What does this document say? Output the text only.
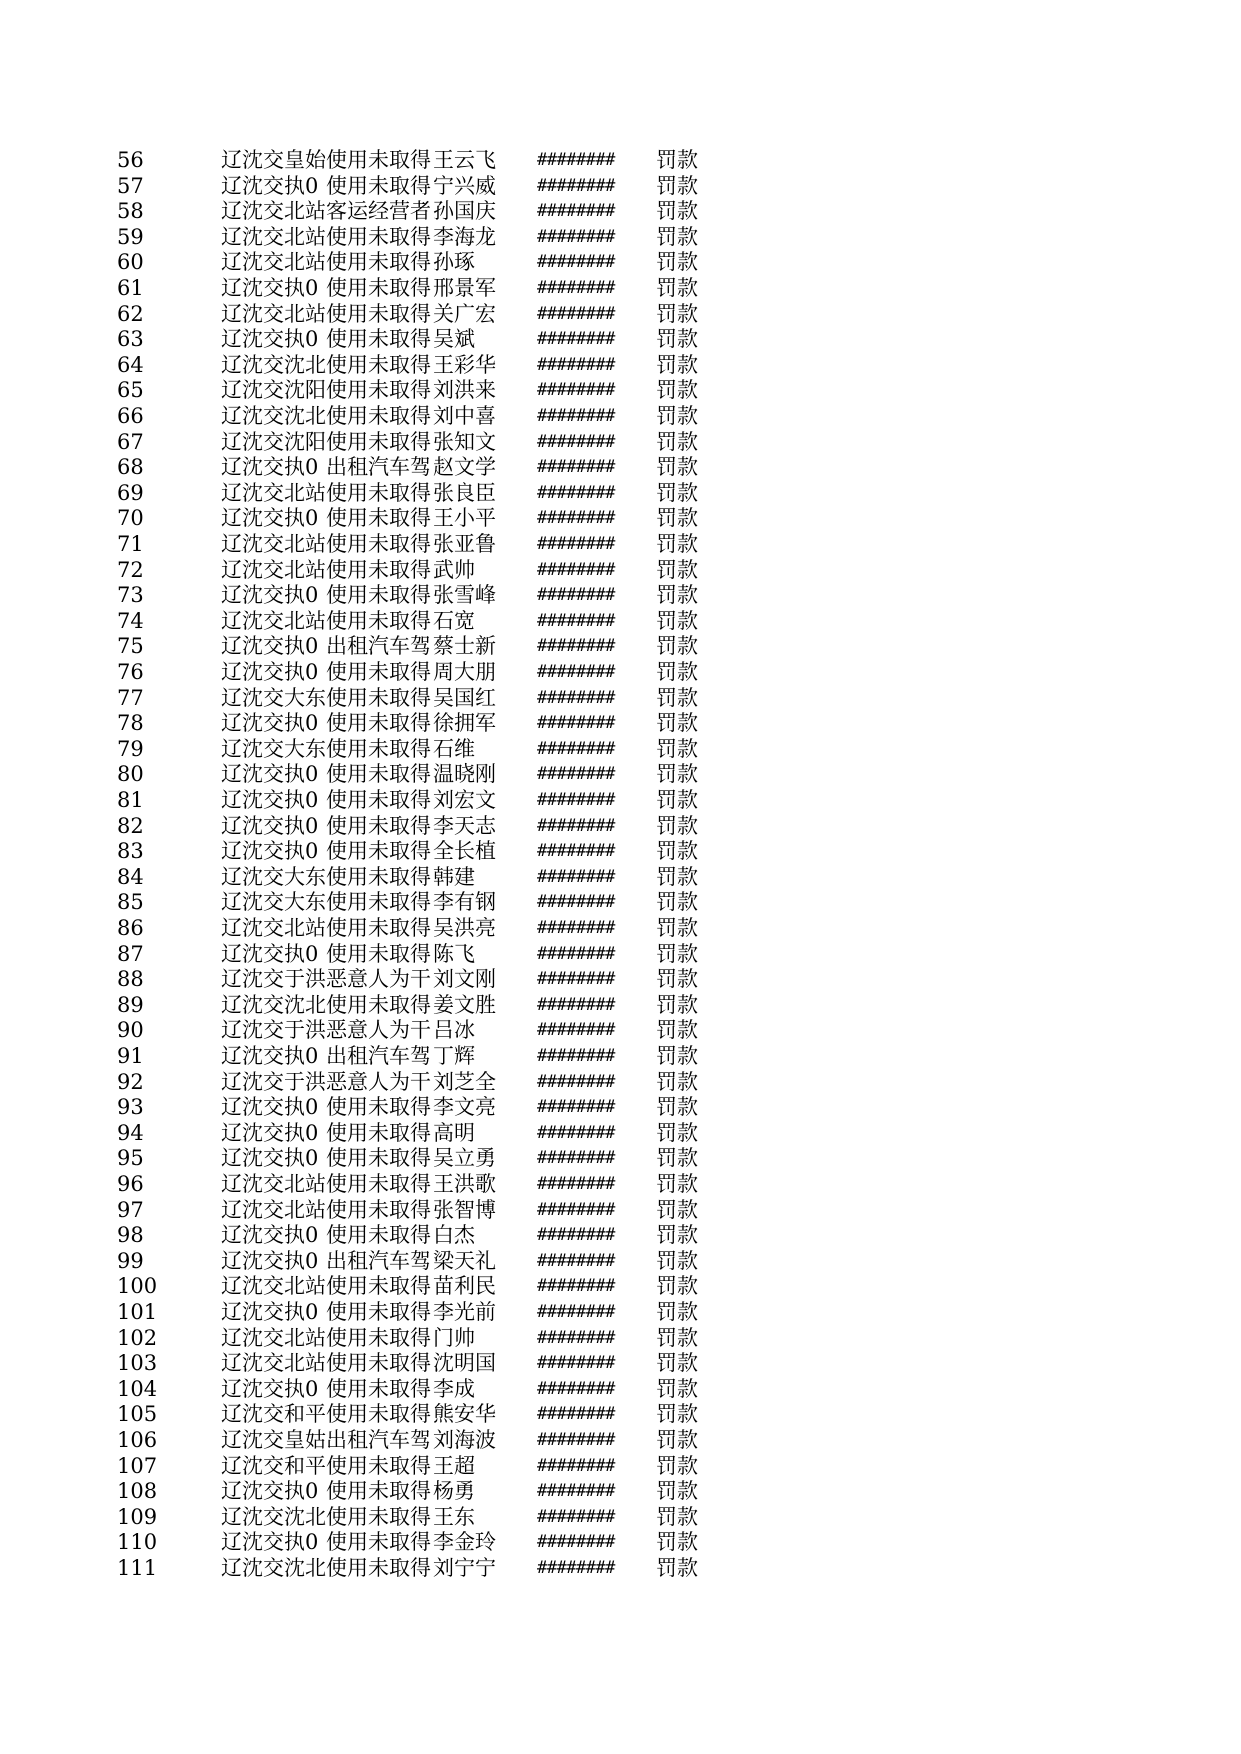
56	辽沈交皇始 使用未取得 王云飞	########	罚款
57	辽沈交执0 使用未取得 宁兴威	########	罚款
58	辽沈交北站 客运经营者 孙国庆	########	罚款
59	辽沈交北站 使用未取得 李海龙	########	罚款
60	辽沈交北站 使用未取得 孙琢	########	罚款
61	辽沈交执0 使用未取得 邢景军	########	罚款
62	辽沈交北站 使用未取得 关广宏	########	罚款
63	辽沈交执0 使用未取得 吴斌	########	罚款
64	辽沈交沈北 使用未取得 王彩华	########	罚款
65	辽沈交沈阳 使用未取得 刘洪来	########	罚款
66	辽沈交沈北 使用未取得 刘中喜	########	罚款
67	辽沈交沈阳 使用未取得 张知文	########	罚款
68	辽沈交执0 出租汽车驾 赵文学	########	罚款
69	辽沈交北站 使用未取得 张良臣	########	罚款
70	辽沈交执0 使用未取得 王小平	########	罚款
71	辽沈交北站 使用未取得 张亚鲁	########	罚款
72	辽沈交北站 使用未取得 武帅	########	罚款
73	辽沈交执0 使用未取得 张雪峰	########	罚款
74	辽沈交北站 使用未取得 石宽	########	罚款
75	辽沈交执0 出租汽车驾 蔡士新	########	罚款
76	辽沈交执0 使用未取得 周大朋	########	罚款
77	辽沈交大东 使用未取得 吴国红	########	罚款
78	辽沈交执0 使用未取得 徐拥军	########	罚款
79	辽沈交大东 使用未取得 石维	########	罚款
80	辽沈交执0 使用未取得 温晓刚	########	罚款
81	辽沈交执0 使用未取得 刘宏文	########	罚款
82	辽沈交执0 使用未取得 李天志	########	罚款
83	辽沈交执0 使用未取得 全长植	########	罚款
84	辽沈交大东 使用未取得 韩建	########	罚款
85	辽沈交大东 使用未取得 李有钢	########	罚款
86	辽沈交北站 使用未取得 吴洪亮	########	罚款
87	辽沈交执0 使用未取得 陈飞	########	罚款
88	辽沈交于洪 恶意人为干 刘文刚	########	罚款
89	辽沈交沈北 使用未取得 姜文胜	########	罚款
90	辽沈交于洪 恶意人为干 吕冰	########	罚款
91	辽沈交执0 出租汽车驾 丁辉	########	罚款
92	辽沈交于洪 恶意人为干 刘芝全	########	罚款
93	辽沈交执0 使用未取得 李文亮	########	罚款
94	辽沈交执0 使用未取得 高明	########	罚款
95	辽沈交执0 使用未取得 吴立勇	########	罚款
96	辽沈交北站 使用未取得 王洪歌	########	罚款
97	辽沈交北站 使用未取得 张智博	########	罚款
98	辽沈交执0 使用未取得 白杰	########	罚款
99	辽沈交执0 出租汽车驾 梁天礼	########	罚款
100	辽沈交北站 使用未取得 苗利民	########	罚款
101	辽沈交执0 使用未取得 李光前	########	罚款
102	辽沈交北站 使用未取得 门帅	########	罚款
103	辽沈交北站 使用未取得 沈明国	########	罚款
104	辽沈交执0 使用未取得 李成	########	罚款
105	辽沈交和平 使用未取得 熊安华	########	罚款
106	辽沈交皇姑 出租汽车驾 刘海波	########	罚款
107	辽沈交和平 使用未取得 王超	########	罚款
108	辽沈交执0 使用未取得 杨勇	########	罚款
109	辽沈交沈北 使用未取得 王东	########	罚款
110	辽沈交执0 使用未取得 李金玲	########	罚款
111	辽沈交沈北 使用未取得 刘宁宁	########	罚款
